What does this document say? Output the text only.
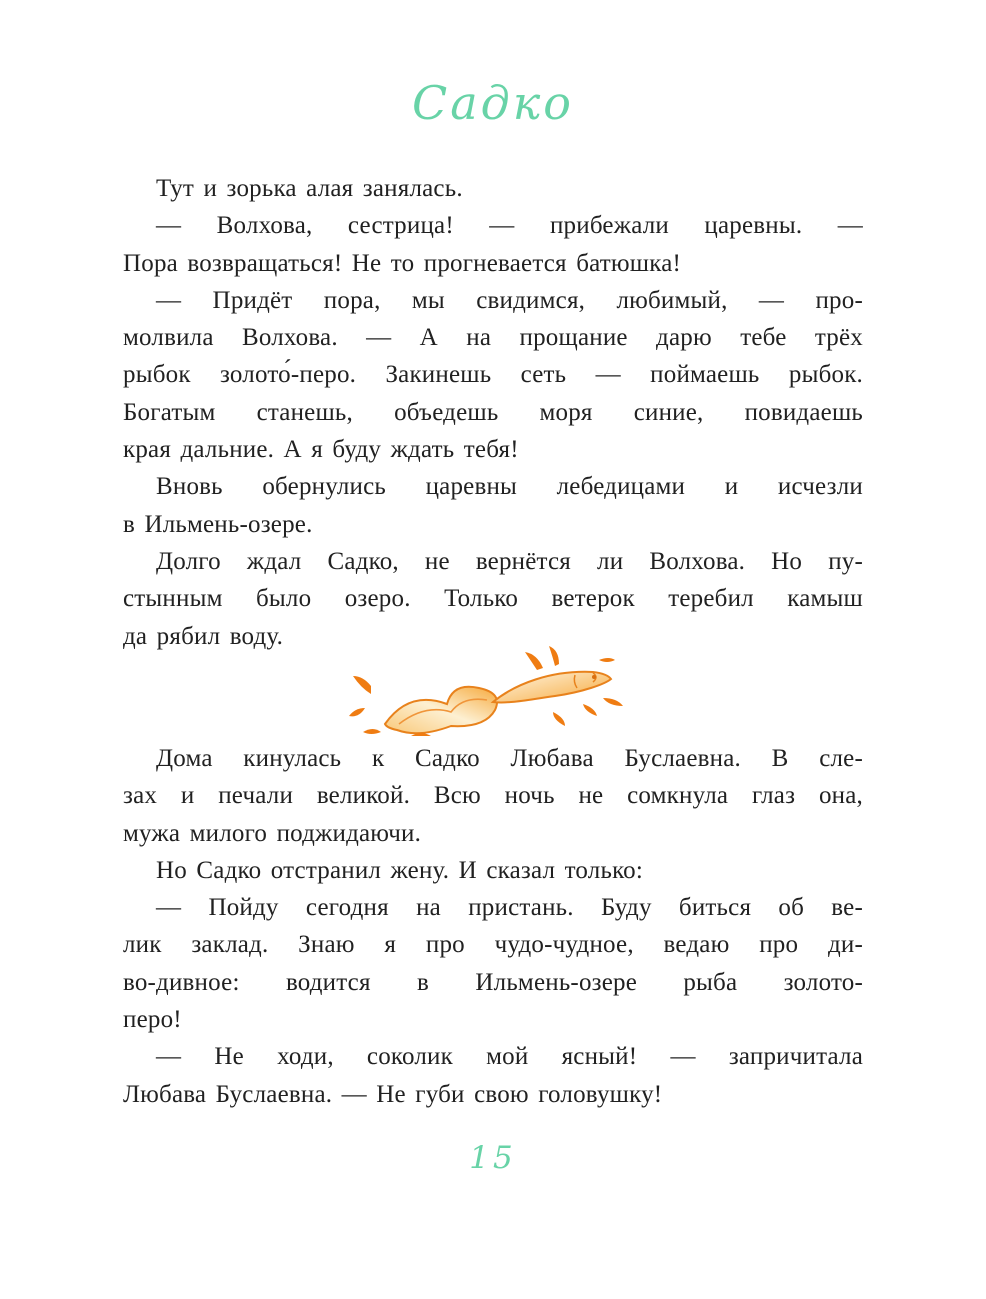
Садко
Тут и зорька алая занялась.
— Волхова, сестрица! — прибежали царевны. —
Пора возвращаться! Не то прогневается батюшка!
— Придёт пора, мы свидимся, любимый, — про-
молвила Волхова. — А на прощание дарю тебе трёх
рыбок золото́-перо. Закинешь сеть — поймаешь рыбок.
Богатым станешь, объедешь моря синие, повидаешь
края дальние. А я буду ждать тебя!
Вновь обернулись царевны лебедицами и исчезли
в Ильмень-озере.
Долго ждал Садко, не вернётся ли Волхова. Но пу-
стынным было озеро. Только ветерок теребил камыш
да рябил воду.
Дома кинулась к Садко Любава Буслаевна. В сле-
зах и печали великой. Всю ночь не сомкнула глаз она,
мужа милого поджидаючи.
Но Садко отстранил жену. И сказал только:
— Пойду сегодня на пристань. Буду биться об ве-
лик заклад. Знаю я про чудо-чудное, ведаю про ди-
во-дивное: водится в Ильмень-озере рыба золото-
перо!
— Не ходи, соколик мой ясный! — запричитала
Любава Буслаевна. — Не губи свою головушку!
15
